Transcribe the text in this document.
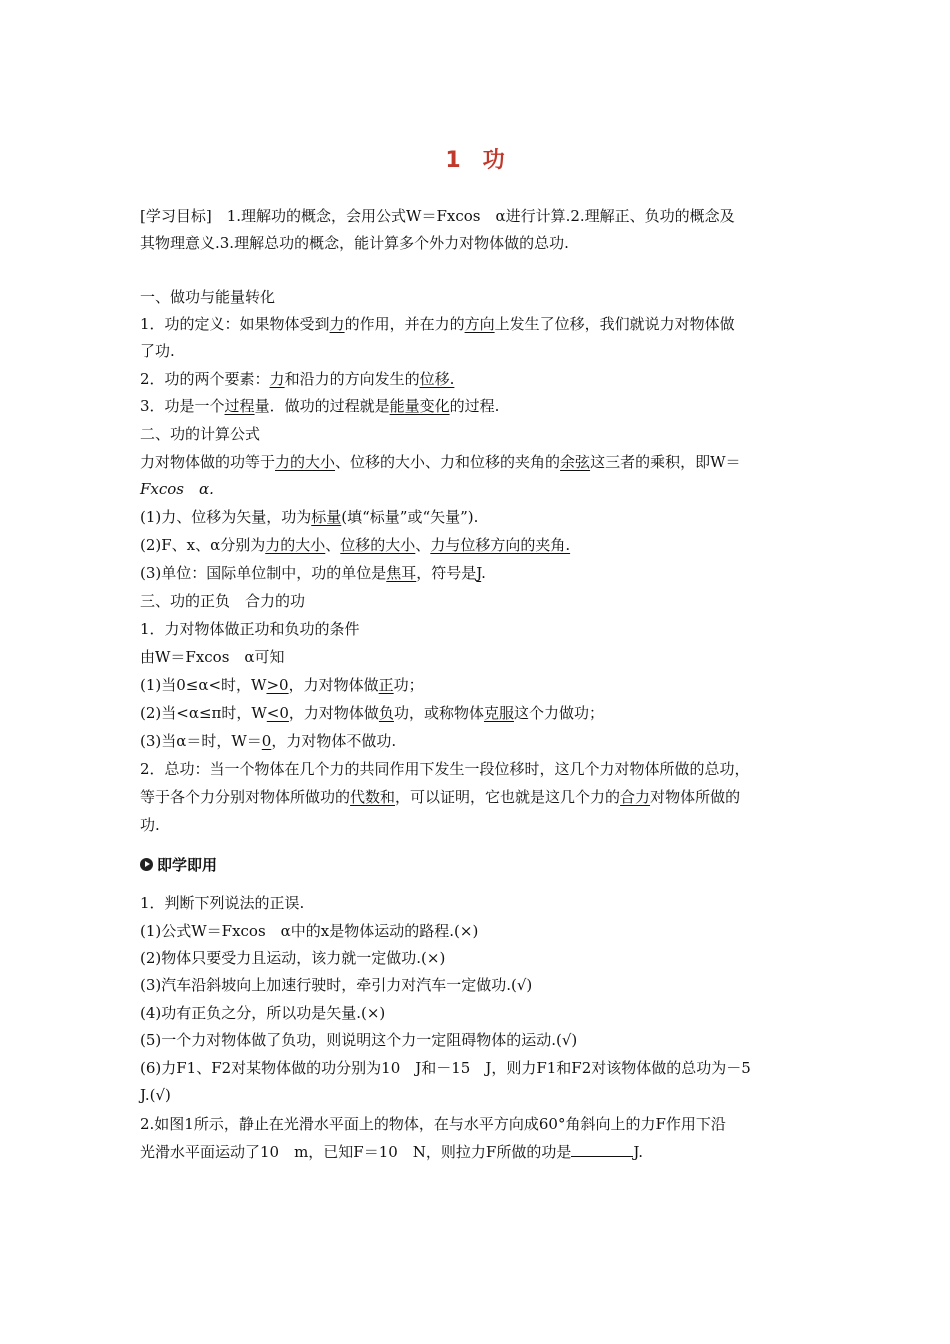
1　功
[学习目标]　1.理解功的概念，会用公式W＝Fxcos　α进行计算.2.理解正、负功的概念及
其物理意义.3.理解总功的概念，能计算多个外力对物体做的总功.
一、做功与能量转化
1．功的定义：如果物体受到力的作用，并在力的方向上发生了位移，我们就说力对物体做
了功.
2．功的两个要素：力和沿力的方向发生的位移.
3．功是一个过程量．做功的过程就是能量变化的过程.
二、功的计算公式
力对物体做的功等于力的大小、位移的大小、力和位移的夹角的余弦这三者的乘积，即W＝
Fxcos　α.
(1)力、位移为矢量，功为标量(填“标量”或“矢量”).
(2)F、x、α分别为力的大小、位移的大小、力与位移方向的夹角.
(3)单位：国际单位制中，功的单位是焦耳，符号是J.
三、功的正负　合力的功
1．力对物体做正功和负功的条件
由W＝Fxcos　α可知
(1)当0≤α<时，W>0，力对物体做正功；
(2)当<α≤π时，W<0，力对物体做负功，或称物体克服这个力做功；
(3)当α＝时，W＝0，力对物体不做功.
2．总功：当一个物体在几个力的共同作用下发生一段位移时，这几个力对物体所做的总功，
等于各个力分别对物体所做功的代数和，可以证明，它也就是这几个力的合力对物体所做的
功.
即学即用
1．判断下列说法的正误.
(1)公式W＝Fxcos　α中的x是物体运动的路程.(×)
(2)物体只要受力且运动，该力就一定做功.(×)
(3)汽车沿斜坡向上加速行驶时，牵引力对汽车一定做功.(√)
(4)功有正负之分，所以功是矢量.(×)
(5)一个力对物体做了负功，则说明这个力一定阻碍物体的运动.(√)
(6)力F1、F2对某物体做的功分别为10　J和－15　J，则力F1和F2对该物体做的总功为－5
J.(√)
2.如图1所示，静止在光滑水平面上的物体，在与水平方向成60°角斜向上的力F作用下沿
光滑水平面运动了10　m，已知F＝10　N，则拉力F所做的功是	J.
